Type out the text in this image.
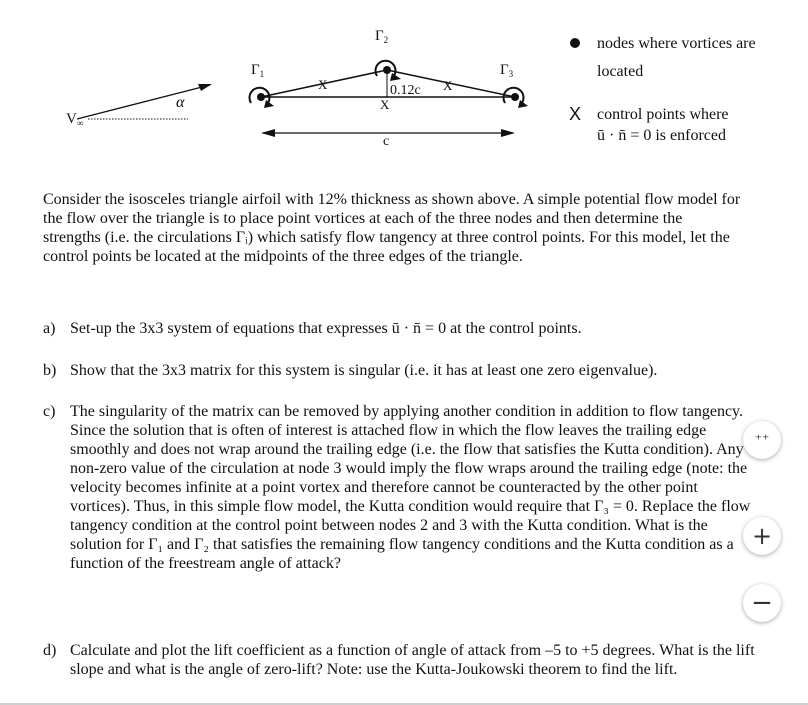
$V_\infty$
α
0.12c
X	X
X
$\Gamma_1$
$\Gamma_2$
$\Gamma_3$
c
nodes where vortices are located
X control points where
ū · n̄ = 0 is enforced
Consider the isosceles triangle airfoil with 12% thickness as shown above. A simple potential flow model for the flow over the triangle is to place point vortices at each of the three nodes and then determine the strengths (i.e. the circulations Γᵢ) which satisfy flow tangency at three control points. For this model, let the control points be located at the midpoints of the three edges of the triangle.
a) Set-up the 3x3 system of equations that expresses ū · n̄ = 0 at the control points.
b) Show that the 3x3 matrix for this system is singular (i.e. it has at least one zero eigenvalue).
c) The singularity of the matrix can be removed by applying another condition in addition to flow tangency. Since the solution that is often of interest is attached flow in which the flow leaves the trailing edge smoothly and does not wrap around the trailing edge (i.e. the flow that satisfies the Kutta condition). Any non-zero value of the circulation at node 3 would imply the flow wraps around the trailing edge (note: the velocity becomes infinite at a point vortex and therefore cannot be counteracted by the other point vortices). Thus, in this simple flow model, the Kutta condition would require that Γ₃ = 0. Replace the flow tangency condition at the control point between nodes 2 and 3 with the Kutta condition. What is the solution for Γ₁ and Γ₂ that satisfies the remaining flow tangency conditions and the Kutta condition as a function of the freestream angle of attack?
d) Calculate and plot the lift coefficient as a function of angle of attack from –5 to +5 degrees. What is the lift slope and what is the angle of zero-lift? Note: use the Kutta-Joukowski theorem to find the lift.
⁺⁺
+
−
